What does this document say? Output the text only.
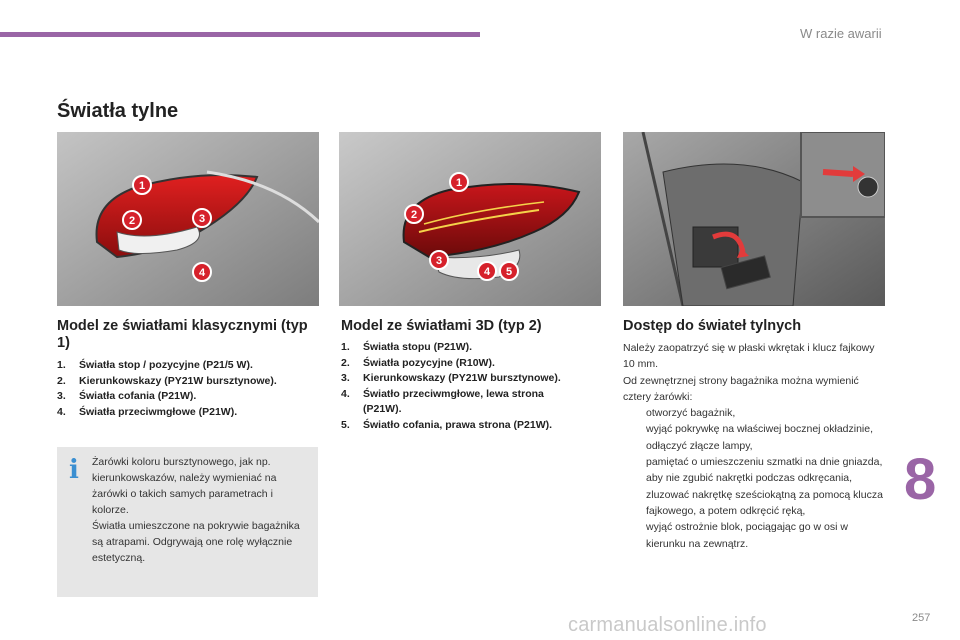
W razie awarii
Światła tylne
1
2	3
4
1
2
3
4 5
Model ze światłami klasycznymi (typ 1)
1. Światła stop / pozycyjne (P21/5 W).
2. Kierunkowskazy (PY21W bursztynowe).
3. Światła cofania (P21W).
4. Światła przeciwmgłowe (P21W).
i Żarówki koloru bursztynowego, jak np. kierunkowskazów, należy wymieniać na żarówki o takich samych parametrach i kolorze.
Światła umieszczone na pokrywie bagażnika są atrapami. Odgrywają one rolę wyłącznie estetyczną.
Model ze światłami 3D (typ 2)
1. Światła stopu (P21W).
2. Światła pozycyjne (R10W).
3. Kierunkowskazy (PY21W bursztynowe).
4. Światło przeciwmgłowe, lewa strona (P21W).
5. Światło cofania, prawa strona (P21W).
Dostęp do świateł tylnych

Należy zaopatrzyć się w płaski wkrętak i klucz fajkowy 10 mm.

Od zewnętrznej strony bagażnika można wymienić cztery żarówki:

otworzyć bagażnik,
wyjąć pokrywkę na właściwej bocznej okładzinie,
odłączyć złącze lampy,
pamiętać o umieszczeniu szmatki na dnie gniazda, aby nie zgubić nakrętki podczas odkręcania,
zluzować nakrętkę sześciokątną za pomocą klucza fajkowego, a potem odkręcić ręką,
wyjąć ostrożnie blok, pociągając go w osi w kierunku na zewnątrz.
8
carmanualsonline.info	257
